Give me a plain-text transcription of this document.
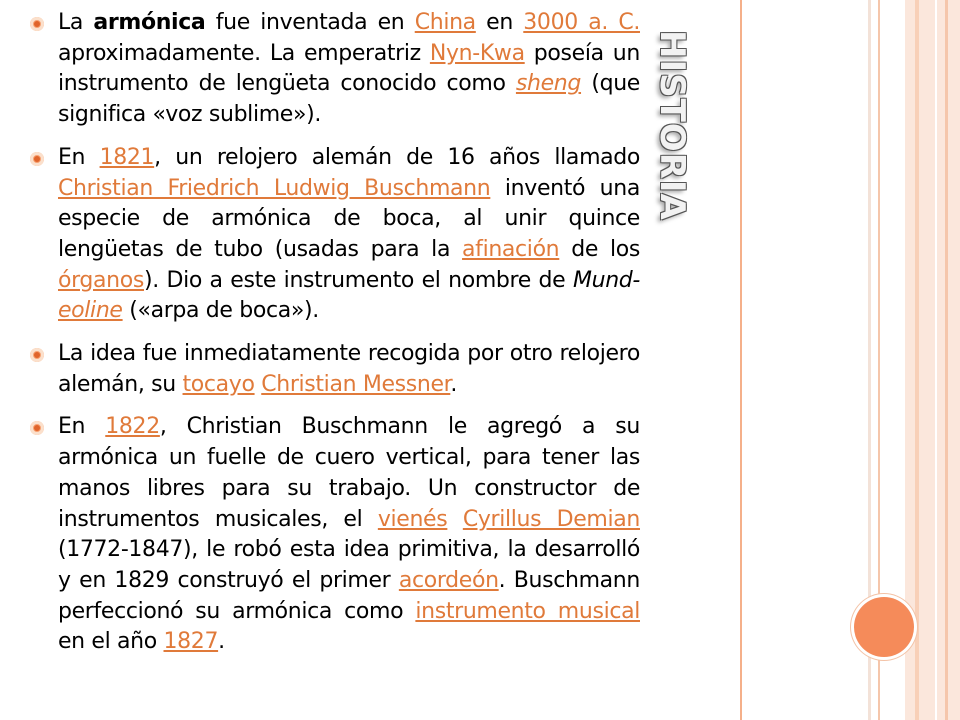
La armónica fue inventada en China en 3000 a. C. aproximadamente. La emperatriz Nyn-Kwa poseía un instrumento de lengüeta conocido como sheng (que significa «voz sublime»).

En 1821, un relojero alemán de 16 años llamado Christian Friedrich Ludwig Buschmann inventó una especie de armónica de boca, al unir quince lengüetas de tubo (usadas para la afinación de los órganos). Dio a este instrumento el nombre de Mund-eoline («arpa de boca»).

La idea fue inmediatamente recogida por otro relojero alemán, su tocayo Christian Messner.

En 1822, Christian Buschmann le agregó a su armónica un fuelle de cuero vertical, para tener las manos libres para su trabajo. Un constructor de instrumentos musicales, el vienés Cyrillus Demian (1772-1847), le robó esta idea primitiva, la desarrolló y en 1829 construyó el primer acordeón. Buschmann perfeccionó su armónica como instrumento musical en el año 1827.

HISTORIA
